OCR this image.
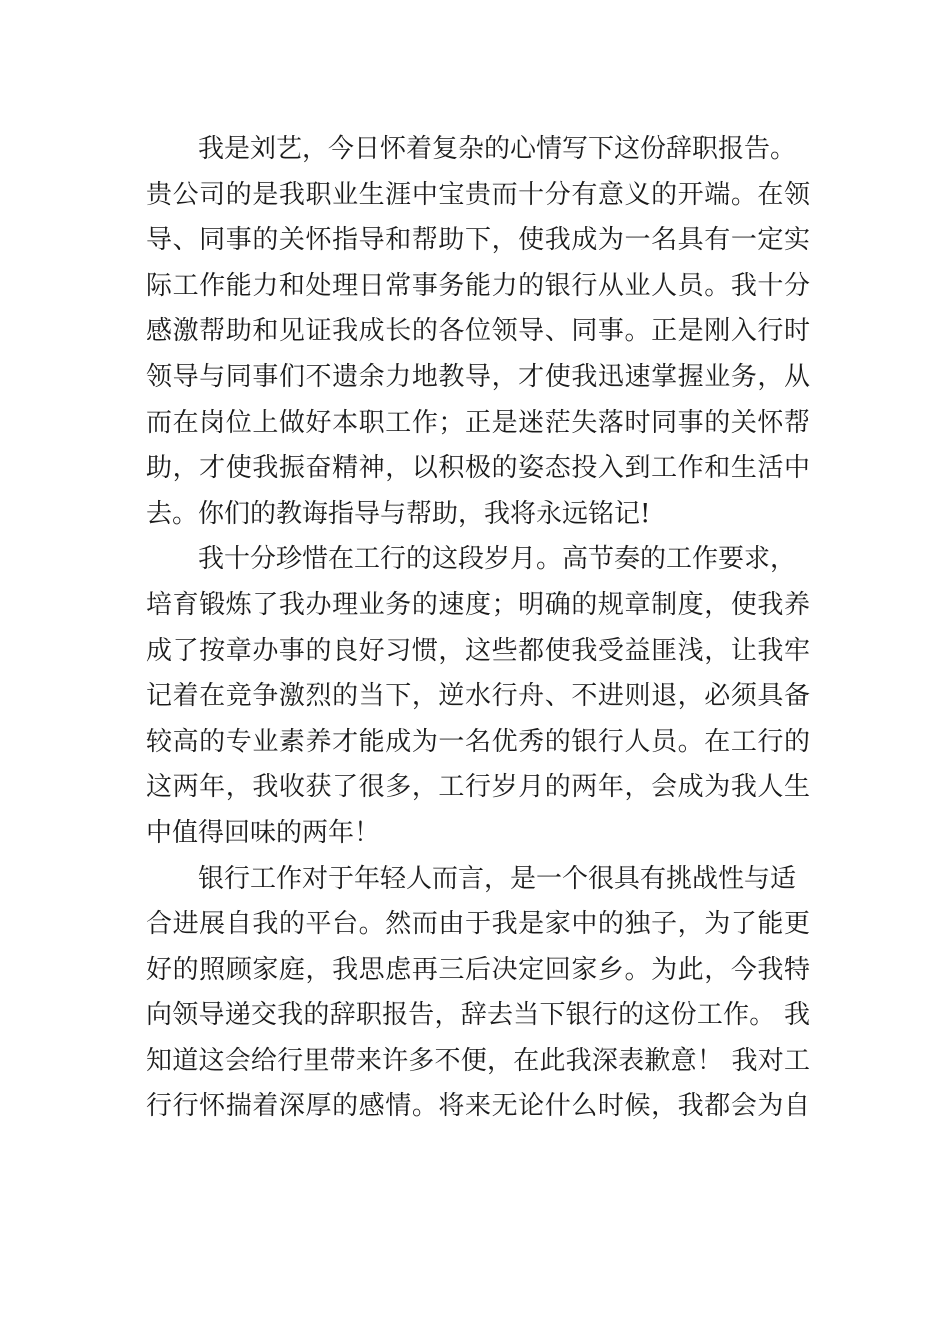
我是刘艺，今日怀着复杂的心情写下这份辞职报告。
贵公司的是我职业生涯中宝贵而十分有意义的开端。在领
导、同事的关怀指导和帮助下，使我成为一名具有一定实
际工作能力和处理日常事务能力的银行从业人员。我十分
感激帮助和见证我成长的各位领导、同事。正是刚入行时
领导与同事们不遗余力地教导，才使我迅速掌握业务，从
而在岗位上做好本职工作；正是迷茫失落时同事的关怀帮
助，才使我振奋精神，以积极的姿态投入到工作和生活中
去。你们的教诲指导与帮助，我将永远铭记!
我十分珍惜在工行的这段岁月。高节奏的工作要求，
培育锻炼了我办理业务的速度；明确的规章制度，使我养
成了按章办事的良好习惯，这些都使我受益匪浅，让我牢
记着在竞争激烈的当下，逆水行舟、不进则退，必须具备
较高的专业素养才能成为一名优秀的银行人员。在工行的
这两年，我收获了很多，工行岁月的两年，会成为我人生
中值得回味的两年！
银行工作对于年轻人而言，是一个很具有挑战性与适
合进展自我的平台。然而由于我是家中的独子，为了能更
好的照顾家庭，我思虑再三后决定回家乡。为此，今我特
向领导递交我的辞职报告，辞去当下银行的这份工作。 我
知道这会给行里带来许多不便，在此我深表歉意！ 我对工
行行怀揣着深厚的感情。将来无论什么时候，我都会为自
